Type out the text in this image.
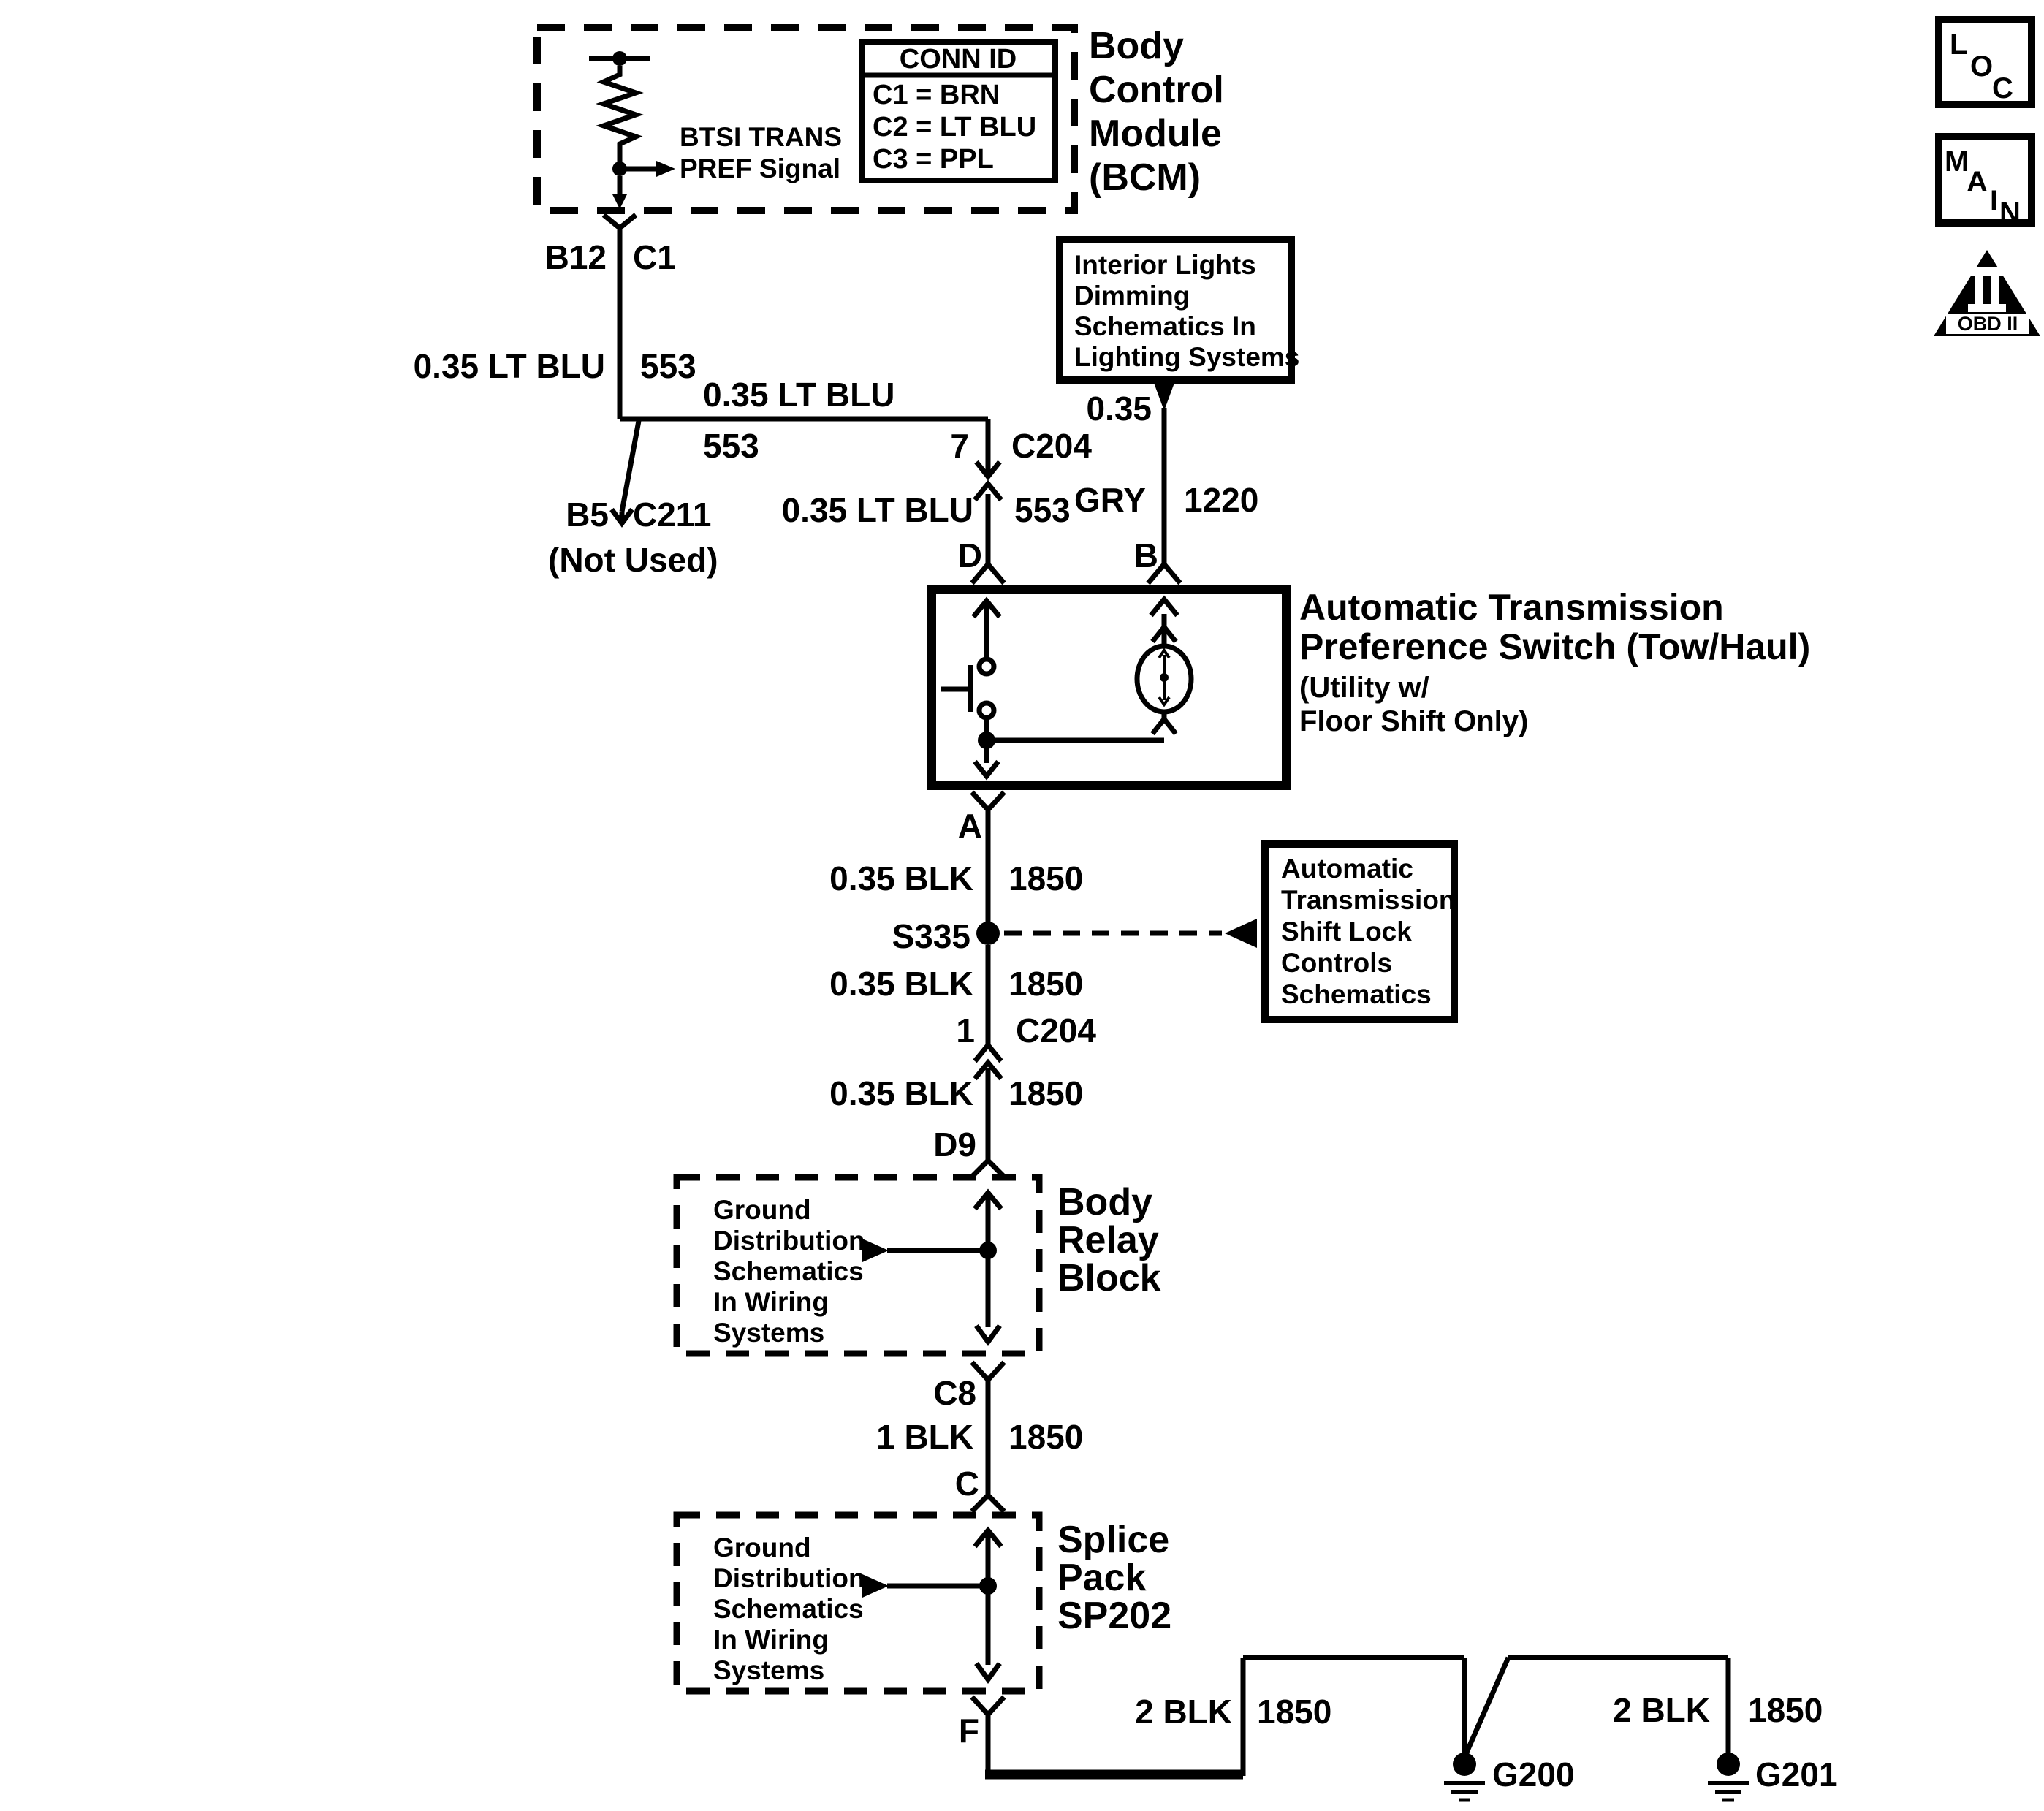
L
O
C
M
A
I N
OBD II
Body
Control
Module
(BCM)
BTSI TRANS
PREF Signal
CONN ID
C1 = BRN
C2 = LT BLU
C3 = PPL
B12 C1
0.35 LT BLU 553
0.35 LT BLU
553	7 C204
B5 C211
(Not Used)
0.35 LT BLU 553
D
Interior Lights
Dimming
Schematics In
Lighting Systems
0.35
GRY 1220
B
Automatic Transmission
Preference Switch (Tow/Haul)
(Utility w/
Floor Shift Only)
A
0.35 BLK 1850
S335
Automatic
Transmission
Shift Lock
Controls
Schematics
0.35 BLK 1850
1 C204
0.35 BLK 1850
D9
Ground
Distribution
Schematics
In Wiring
Systems
Body
Relay
Block
C8
1 BLK 1850
C
Ground
Distribution
Schematics
In Wiring
Systems
Splice
Pack
SP202
F	2 BLK 1850
G200
2 BLK 1850
G201
